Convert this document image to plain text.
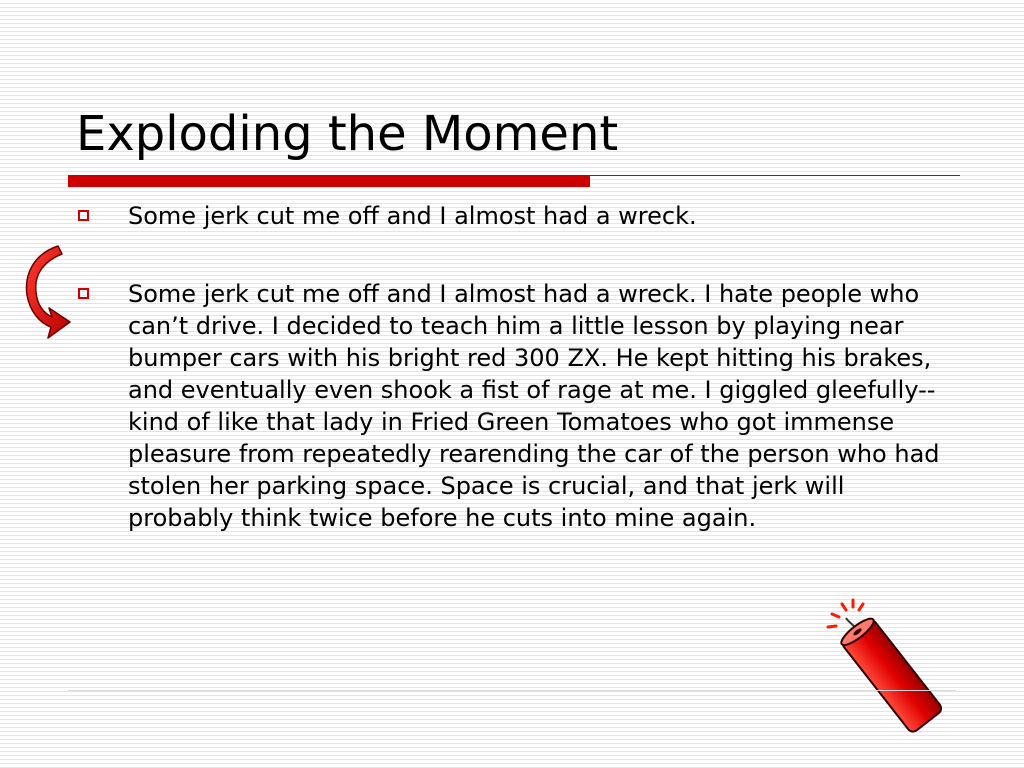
Exploding the Moment
Some jerk cut me off and I almost had a wreck.
Some jerk cut me off and I almost had a wreck. I hate people who can’t drive. I decided to teach him a little lesson by playing near bumper cars with his bright red 300 ZX. He kept hitting his brakes, and eventually even shook a fist of rage at me. I giggled gleefully--kind of like that lady in Fried Green Tomatoes who got immense pleasure from repeatedly rearending the car of the person who had stolen her parking space. Space is crucial, and that jerk will probably think twice before he cuts into mine again.
